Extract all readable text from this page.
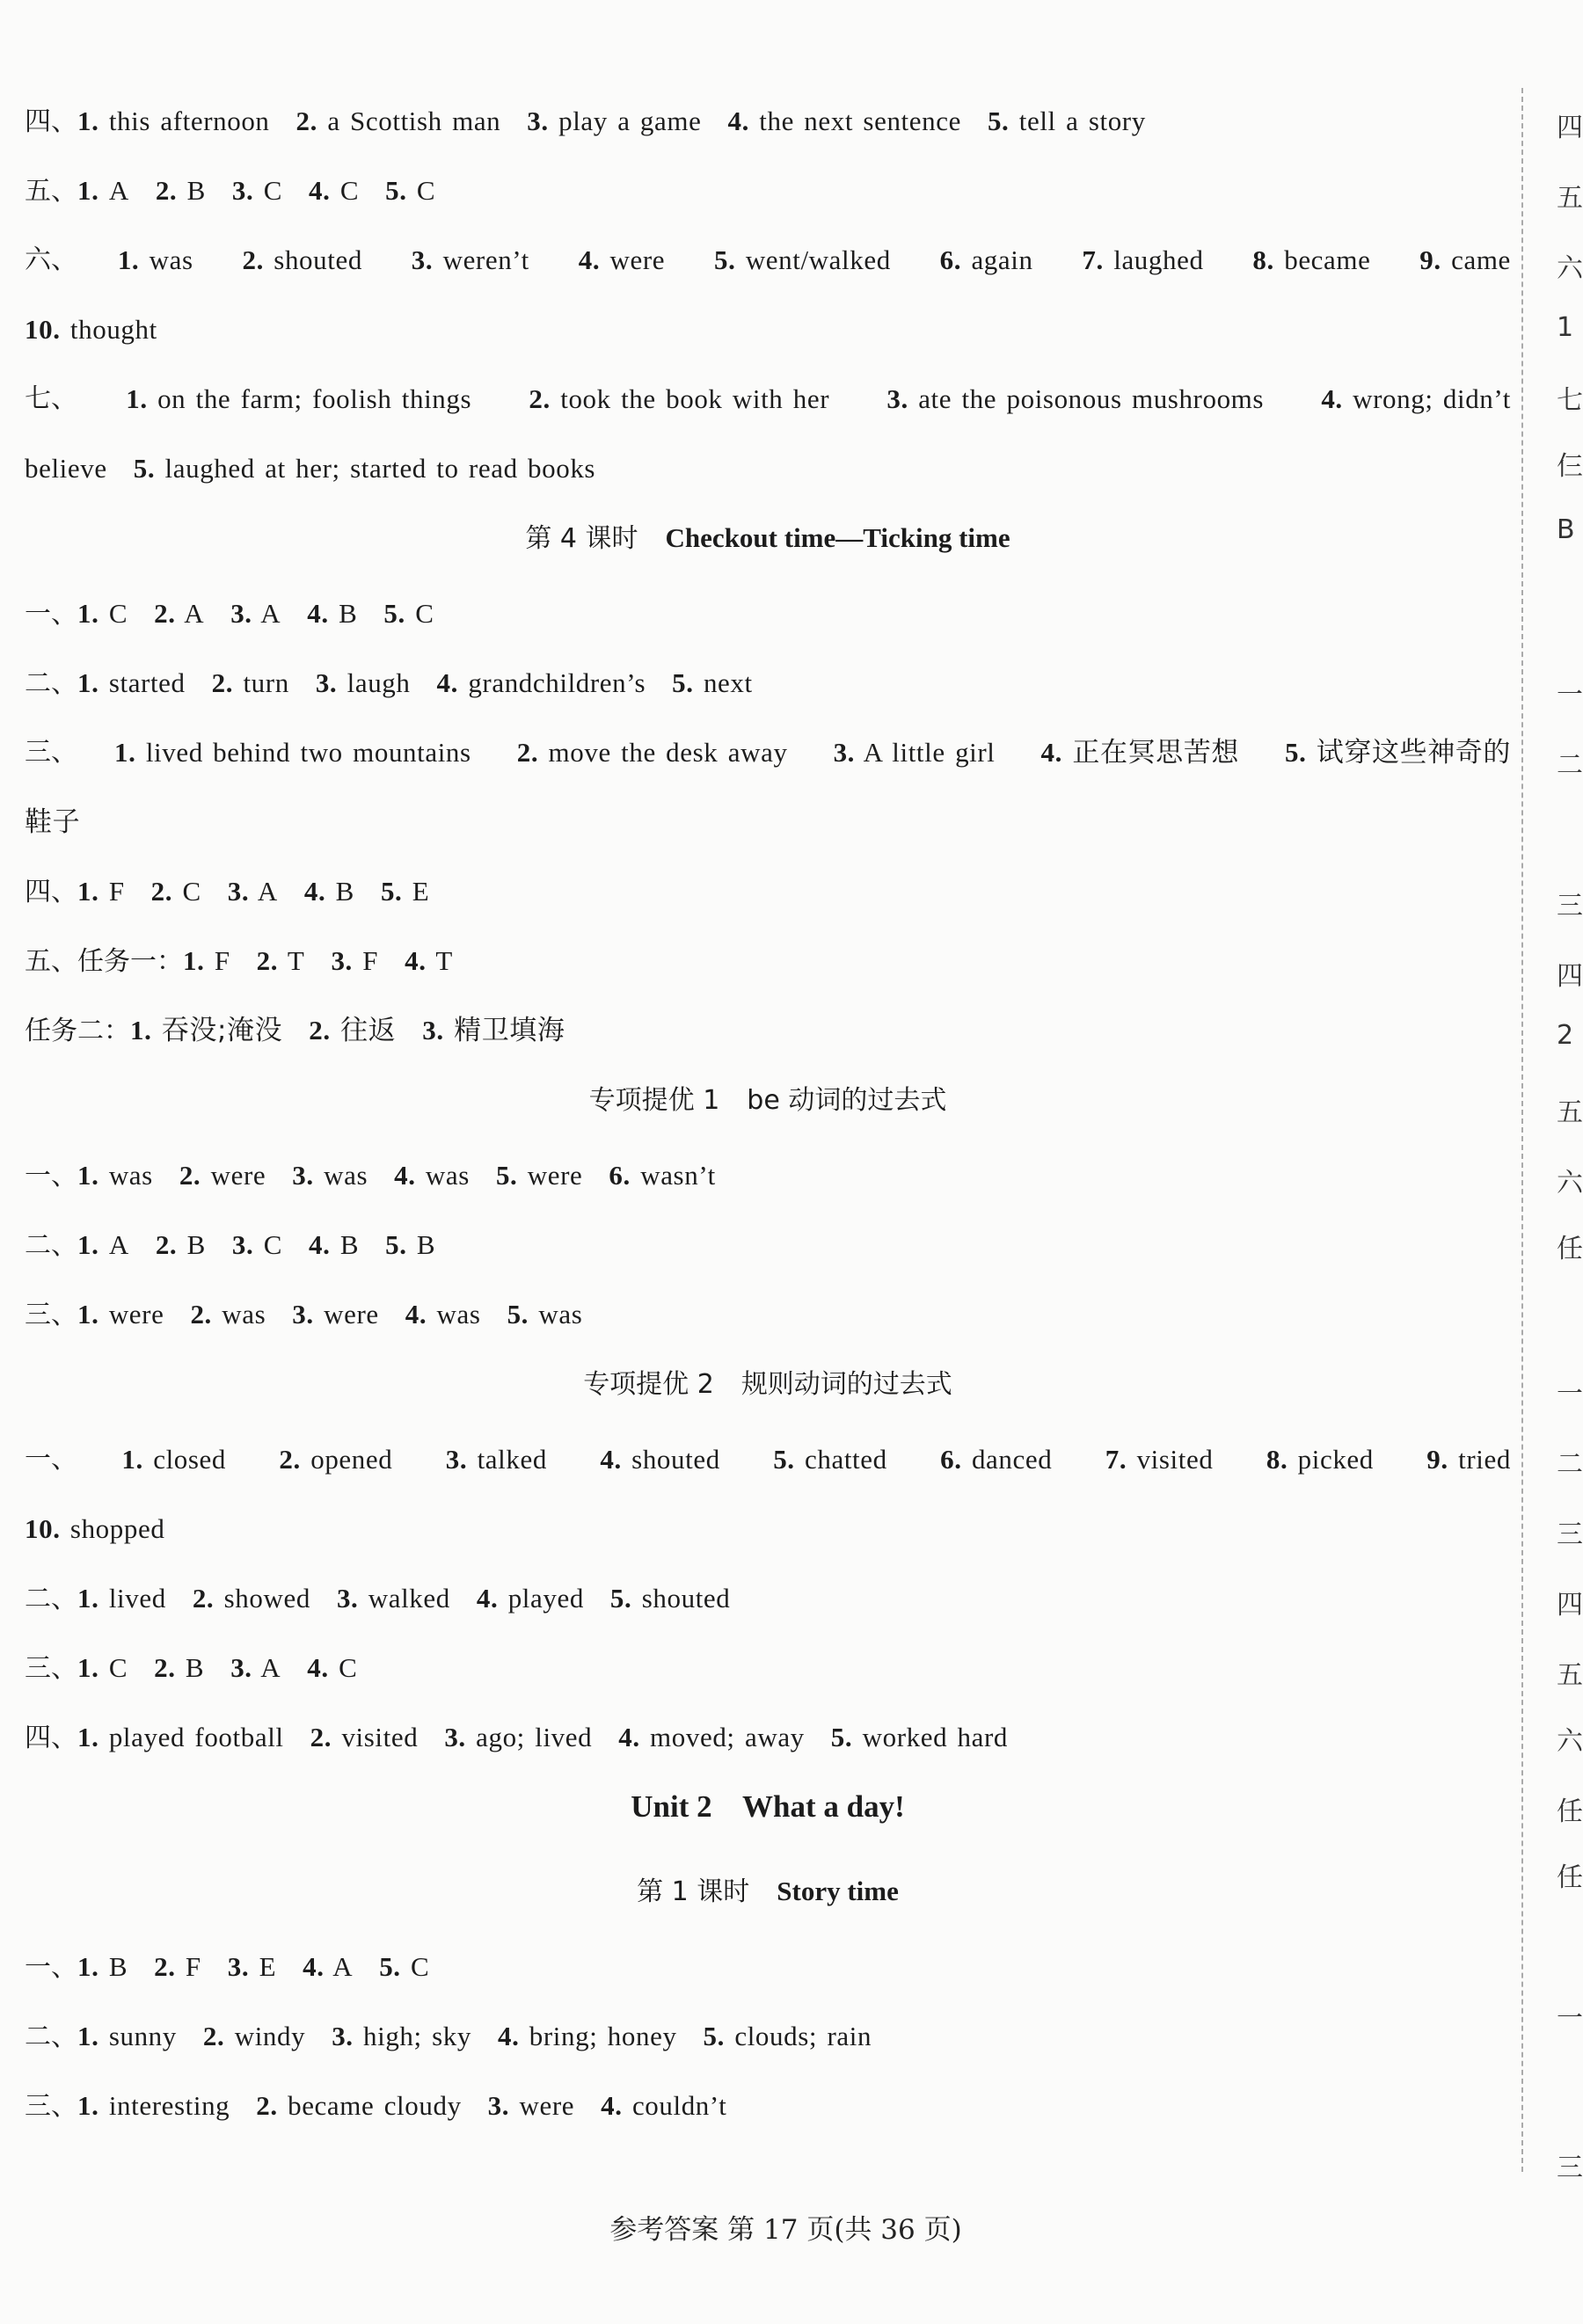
四、1. this afternoon 2. a Scottish man 3. play a game 4. the next sentence 5. tell a story
五、1. A 2. B 3. C 4. C 5. C
六、 1. was 2. shouted 3. weren’t 4. were 5. went/walked 6. again 7. laughed 8. became 9. came
10. thought
七、 1. on the farm; foolish things 2. took the book with her 3. ate the poisonous mushrooms 4. wrong; didn’t
believe 5. laughed at her; started to read books
第 4 课时  Checkout time—Ticking time
一、1. C 2. A 3. A 4. B 5. C
二、1. started 2. turn 3. laugh 4. grandchildren’s 5. next
三、 1. lived behind two mountains 2. move the desk away 3. A little girl 4. 正在冥思苦想 5. 试穿这些神奇的
鞋子
四、1. F 2. C 3. A 4. B 5. E
五、任务一：1. F 2. T 3. F 4. T
任务二：1. 吞没;淹没 2. 往返 3. 精卫填海
专项提优 1  be 动词的过去式
一、1. was 2. were 3. was 4. was 5. were 6. wasn’t
二、1. A 2. B 3. C 4. B 5. B
三、1. were 2. was 3. were 4. was 5. was
专项提优 2  规则动词的过去式
一、 1. closed 2. opened 3. talked 4. shouted 5. chatted 6. danced 7. visited 8. picked 9. tried
10. shopped
二、1. lived 2. showed 3. walked 4. played 5. shouted
三、1. C 2. B 3. A 4. C
四、1. played football 2. visited 3. ago; lived 4. moved; away 5. worked hard
Unit 2    What a day!
第 1 课时  Story time
一、1. B 2. F 3. E 4. A 5. C
二、1. sunny 2. windy 3. high; sky 4. bring; honey 5. clouds; rain
三、1. interesting 2. became cloudy 3. were 4. couldn’t
参考答案 第 17 页(共 36 页)
四
五
六
1
七
仨
B
一
二
三
四
2
五
六
任
一
二
三
四
五
六
任
任
一
三
